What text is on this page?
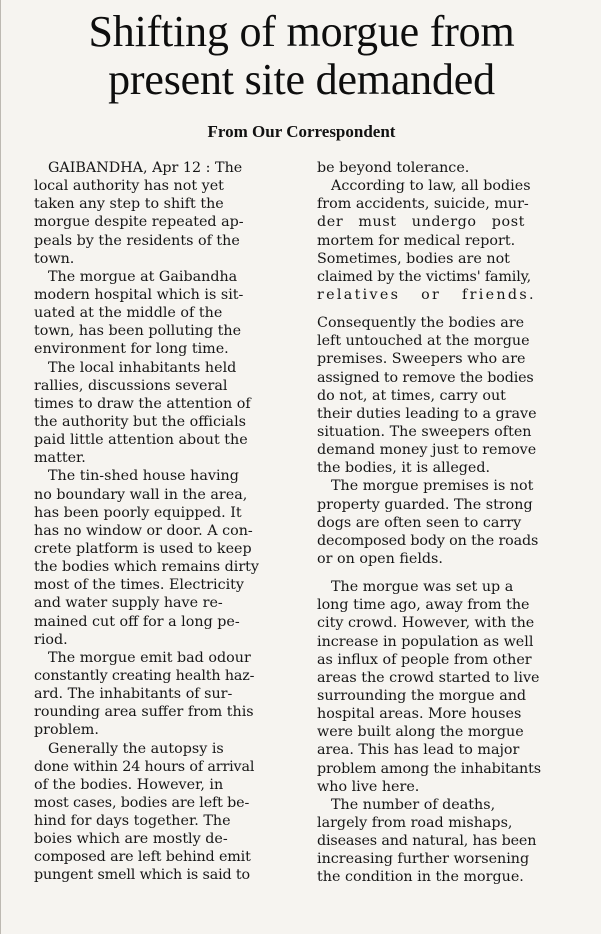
Shifting of morgue from
present site demanded
From Our Correspondent
GAIBANDHA, Apr 12 : The
local authority has not yet
taken any step to shift the
morgue despite repeated ap-
peals by the residents of the
town.
The morgue at Gaibandha
modern hospital which is sit-
uated at the middle of the
town, has been polluting the
environment for long time.
The local inhabitants held
rallies, discussions several
times to draw the attention of
the authority but the officials
paid little attention about the
matter.
The tin-shed house having
no boundary wall in the area,
has been poorly equipped. It
has no window or door. A con-
crete platform is used to keep
the bodies which remains dirty
most of the times. Electricity
and water supply have re-
mained cut off for a long pe-
riod.
The morgue emit bad odour
constantly creating health haz-
ard. The inhabitants of sur-
rounding area suffer from this
problem.
Generally the autopsy is
done within 24 hours of arrival
of the bodies. However, in
most cases, bodies are left be-
hind for days together. The
boies which are mostly de-
composed are left behind emit
pungent smell which is said to
be beyond tolerance.
According to law, all bodies
from accidents, suicide, mur-
der must undergo post
mortem for medical report.
Sometimes, bodies are not
claimed by the victims' family,
relatives or friends.
Consequently the bodies are
left untouched at the morgue
premises. Sweepers who are
assigned to remove the bodies
do not, at times, carry out
their duties leading to a grave
situation. The sweepers often
demand money just to remove
the bodies, it is alleged.
The morgue premises is not
property guarded. The strong
dogs are often seen to carry
decomposed body on the roads
or on open fields.
The morgue was set up a
long time ago, away from the
city crowd. However, with the
increase in population as well
as influx of people from other
areas the crowd started to live
surrounding the morgue and
hospital areas. More houses
were built along the morgue
area. This has lead to major
problem among the inhabitants
who live here.
The number of deaths,
largely from road mishaps,
diseases and natural, has been
increasing further worsening
the condition in the morgue.
